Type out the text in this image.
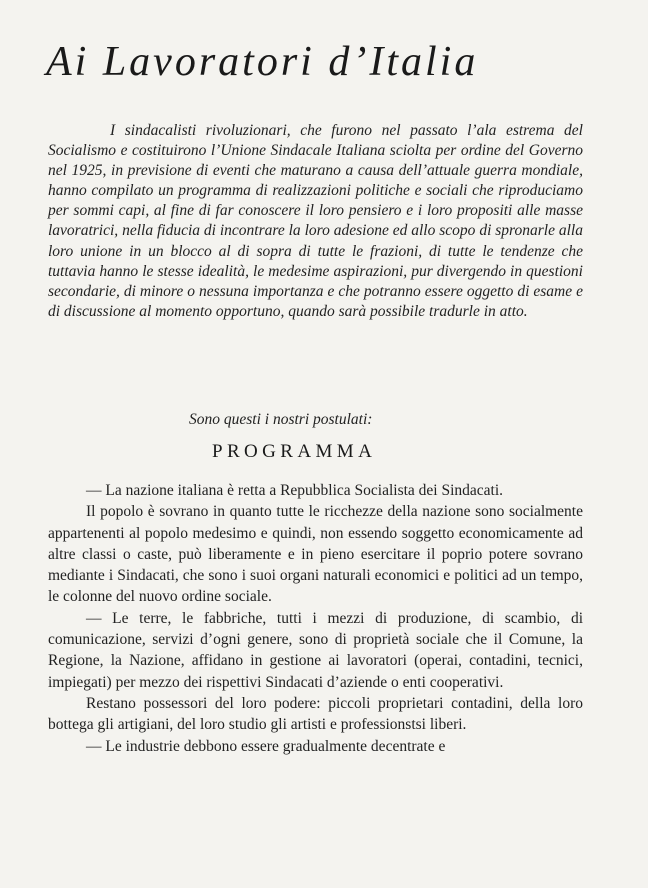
Ai Lavoratori d’Italia

I sindacalisti rivoluzionari, che furono nel passato l’ala estrema del Socialismo e costituirono l’Unione Sindacale Italiana sciolta per ordine del Governo nel 1925, in previsione di eventi che maturano a causa dell’attuale guerra mondiale, hanno compilato un programma di realizzazioni politiche e sociali che riproduciamo per sommi capi, al fine di far conoscere il loro pensiero e i loro propositi alle masse lavoratrici, nella fiducia di incontrare la loro adesione ed allo scopo di spronarle alla loro unione in un blocco al di sopra di tutte le frazioni, di tutte le tendenze che tuttavia hanno le stesse idealità, le medesime aspirazioni, pur divergendo in questioni secondarie, di minore o nessuna importanza e che potranno essere oggetto di esame e di discussione al momento opportuno, quando sarà possibile tradurle in atto.

Sono questi i nostri postulati:
PROGRAMMA

— La nazione italiana è retta a Repubblica Socialista dei Sindacati.

Il popolo è sovrano in quanto tutte le ricchezze della nazione sono socialmente appartenenti al popolo medesimo e quindi, non essendo soggetto economicamente ad altre classi o caste, può liberamente e in pieno esercitare il poprio potere sovrano mediante i Sindacati, che sono i suoi organi naturali economici e politici ad un tempo, le colonne del nuovo ordine sociale.

— Le terre, le fabbriche, tutti i mezzi di produzione, di scambio, di comunicazione, servizi d’ogni genere, sono di proprietà sociale che il Comune, la Regione, la Nazione, affidano in gestione ai lavoratori (operai, contadini, tecnici, impiegati) per mezzo dei rispettivi Sindacati d’aziende o enti cooperativi.

Restano possessori del loro podere: piccoli proprietari contadini, della loro bottega gli artigiani, del loro studio gli artisti e professionstsi liberi.

— Le industrie debbono essere gradualmente decentrate e
